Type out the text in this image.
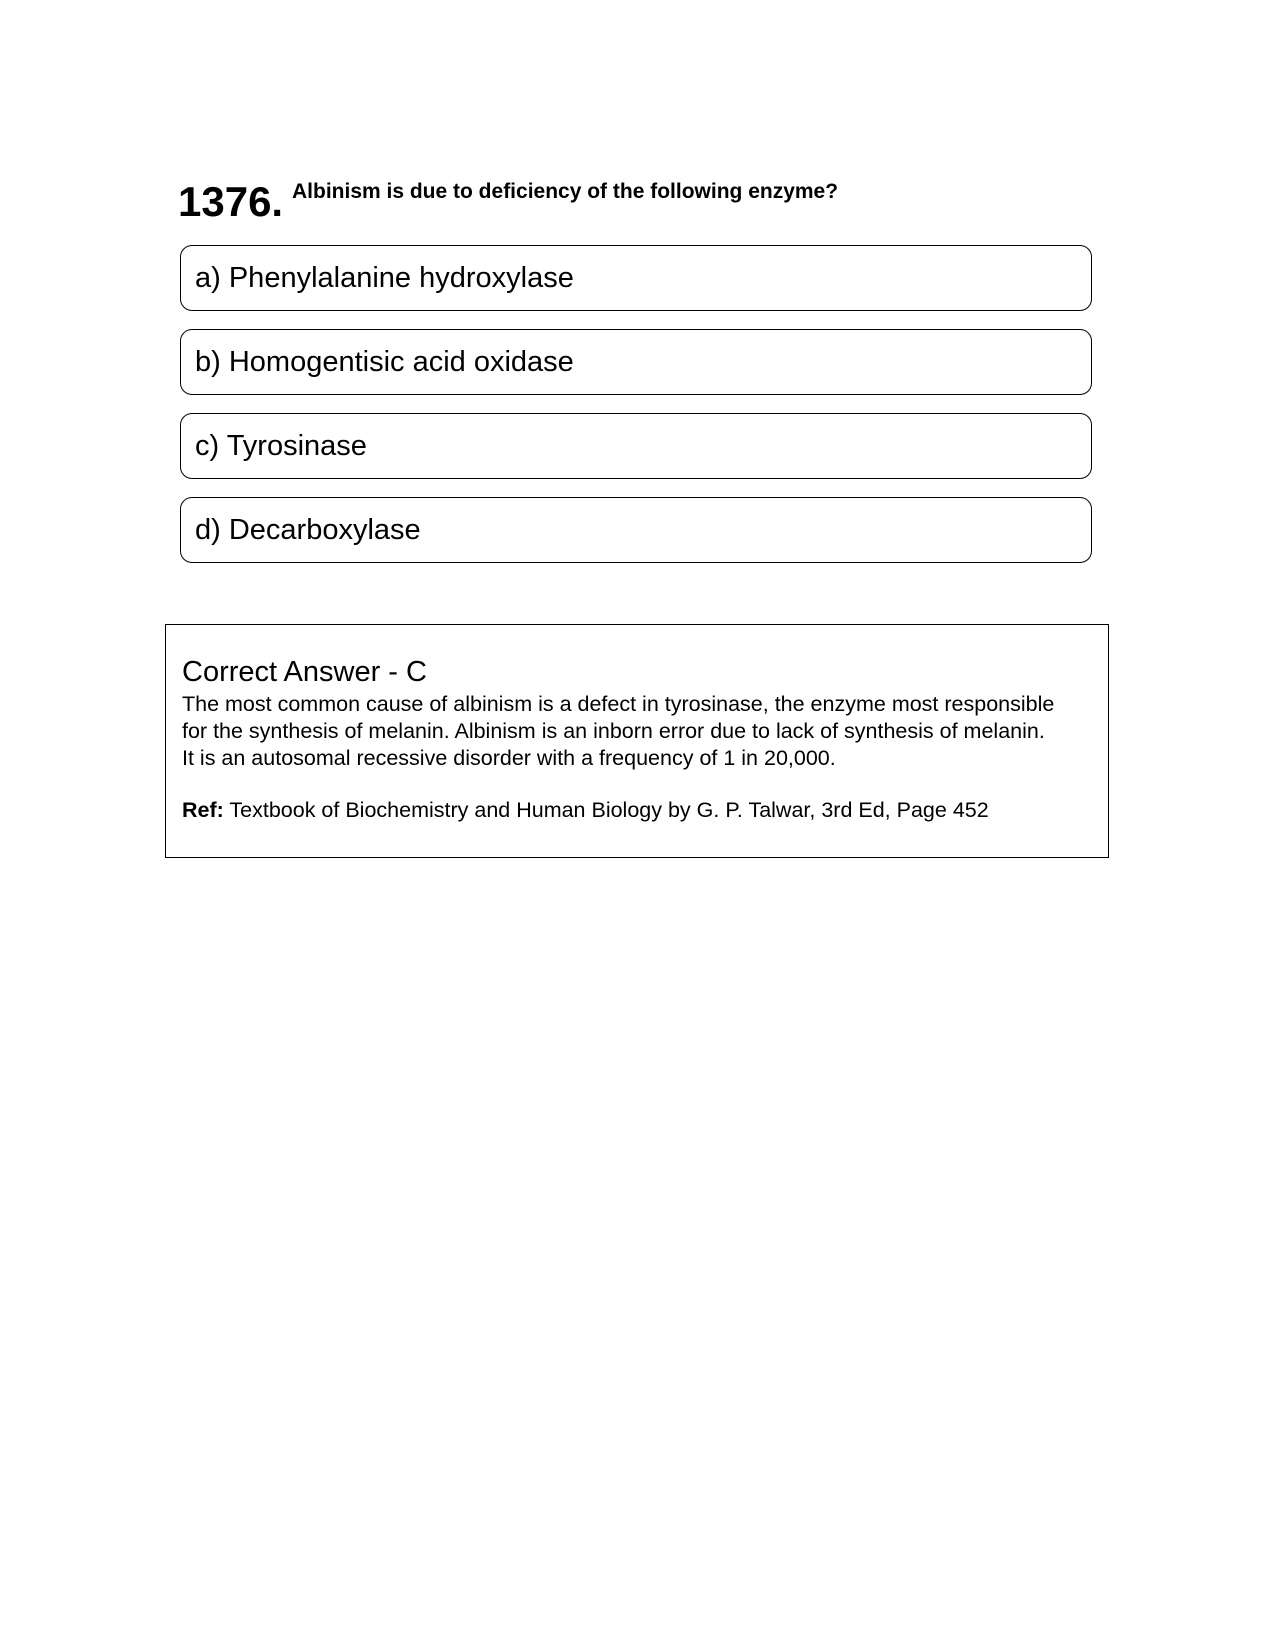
1376. Albinism is due to deficiency of the following enzyme?
a) Phenylalanine hydroxylase
b) Homogentisic acid oxidase
c) Tyrosinase
d) Decarboxylase
Correct Answer - C
The most common cause of albinism is a defect in tyrosinase, the enzyme most responsible
for the synthesis of melanin. Albinism is an inborn error due to lack of synthesis of melanin.
It is an autosomal recessive disorder with a frequency of 1 in 20,000.
Ref: Textbook of Biochemistry and Human Biology by G. P. Talwar, 3rd Ed, Page 452
